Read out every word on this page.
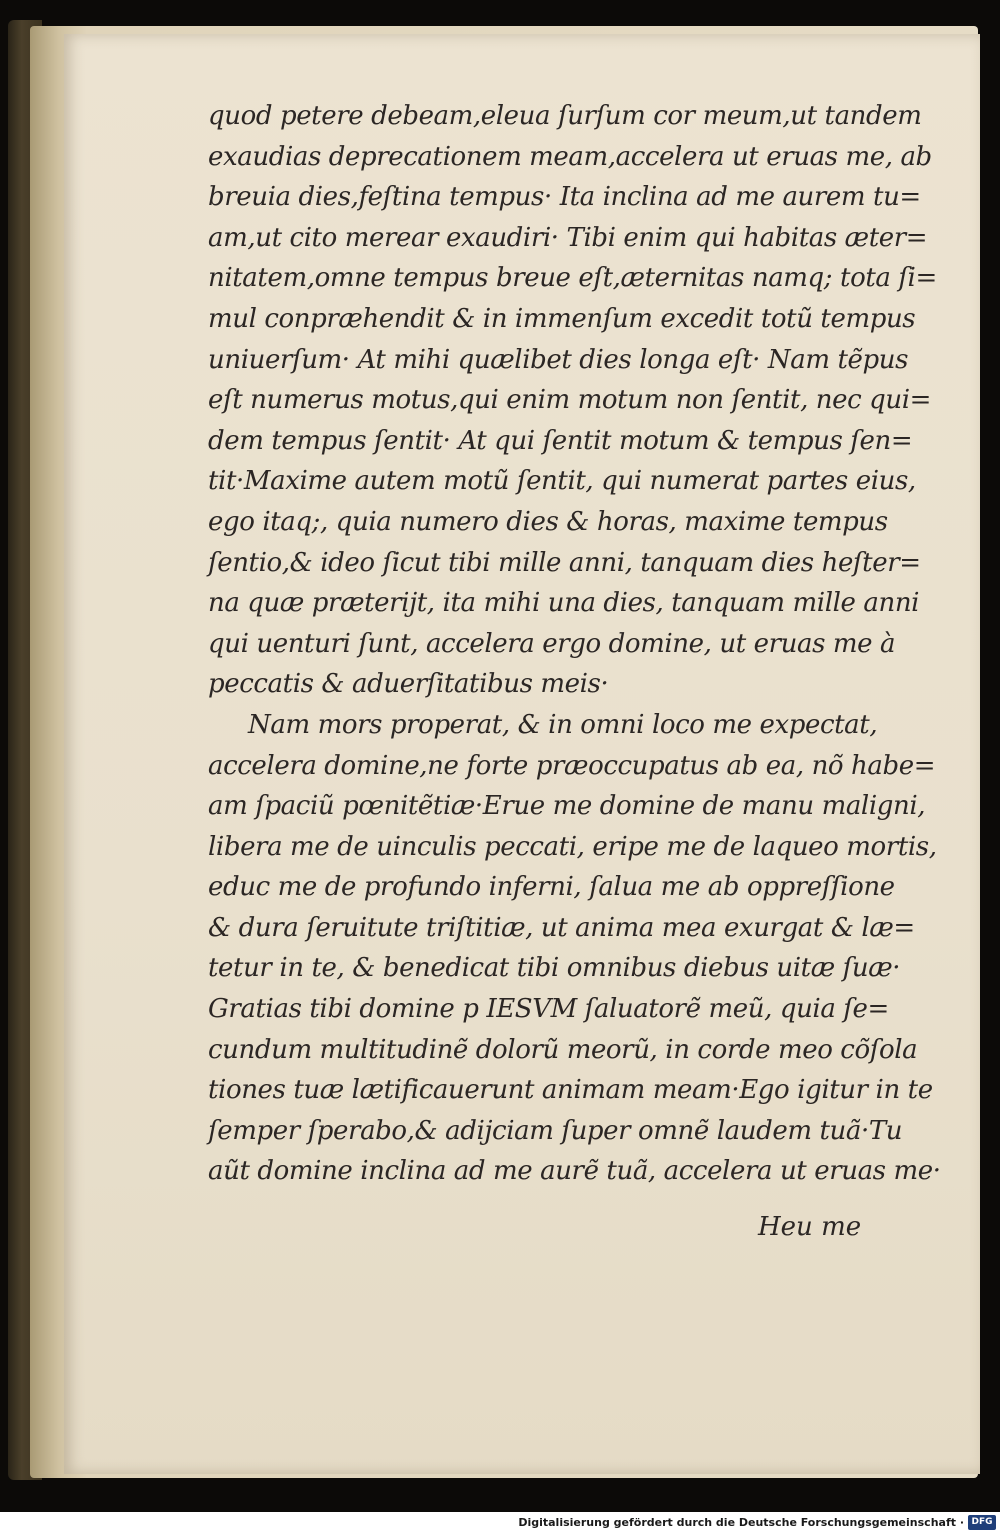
quod petere debeam,eleua ſurſum cor meum,ut tandem
exaudias deprecationem meam,accelera ut eruas me, ab
breuia dies,feſtina tempus· Ita inclina ad me aurem tu=
am,ut cito merear exaudiri· Tibi enim qui habitas æter=
nitatem,omne tempus breue eſt,æternitas namq; tota ſi=
mul conpræhendit & in immenſum excedit totũ tempus
uniuerſum· At mihi quælibet dies longa eſt· Nam tẽpus
eſt numerus motus,qui enim motum non ſentit, nec qui=
dem tempus ſentit· At qui ſentit motum & tempus ſen=
tit·Maxime autem motũ ſentit, qui numerat partes eius,
ego itaq;, quia numero dies & horas, maxime tempus
ſentio,& ideo ſicut tibi mille anni, tanquam dies heſter=
na quæ præterijt, ita mihi una dies, tanquam mille anni
qui uenturi ſunt, accelera ergo domine, ut eruas me à
peccatis & aduerſitatibus meis·
Nam mors properat, & in omni loco me expectat,
accelera domine,ne forte præoccupatus ab ea, nõ habe=
am ſpaciũ pœnitẽtiæ·Erue me domine de manu maligni,
libera me de uinculis peccati, eripe me de laqueo mortis,
educ me de profundo inferni, ſalua me ab oppreſſione
& dura ſeruitute triſtitiæ, ut anima mea exurgat & læ=
tetur in te, & benedicat tibi omnibus diebus uitæ ſuæ·
Gratias tibi domine p IESVM ſaluatorẽ meũ, quia ſe=
cundum multitudinẽ dolorũ meorũ, in corde meo cõſola
tiones tuæ lætificauerunt animam meam·Ego igitur in te
ſemper ſperabo,& adijciam ſuper omnẽ laudem tuã·Tu
aũt domine inclina ad me aurẽ tuã, accelera ut eruas me·
Heu me
Digitalisierung gefördert durch die Deutsche Forschungsgemeinschaft · DFG
